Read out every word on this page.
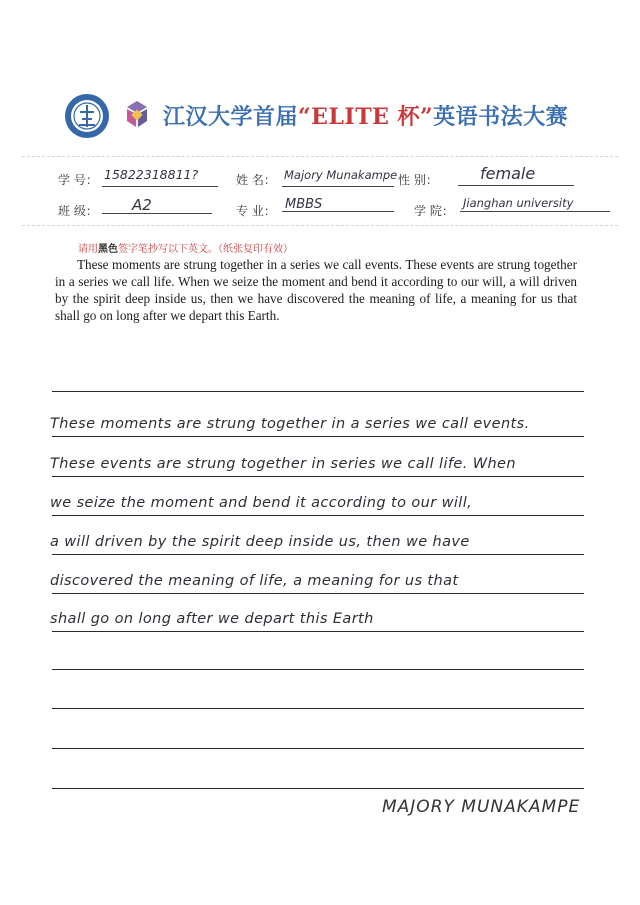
江汉大学首届“ELITE 杯”英语书法大赛
学 号： 15822318811?	姓 名： Majory Munakampe 性 别：	female
班 级： A2	专 业： MBBS	学 院：
Jianghan university
请用黑色签字笔抄写以下英文。（纸张复印有效）
These moments are strung together in a series we call events. These events are strung together in a series we call life. When we seize the moment and bend it according to our will, a will driven by the spirit deep inside us, then we have discovered the meaning of life, a meaning for us that shall go on long after we depart this Earth.
These moments are strung together in a series we call events.
These events are strung together in series we call life. When
we seize the moment and bend it according to our will,
a will driven by the spirit deep inside us, then we have
discovered the meaning of life, a meaning for us that
shall go on long after we depart this Earth
MAJORY MUNAKAMPE
